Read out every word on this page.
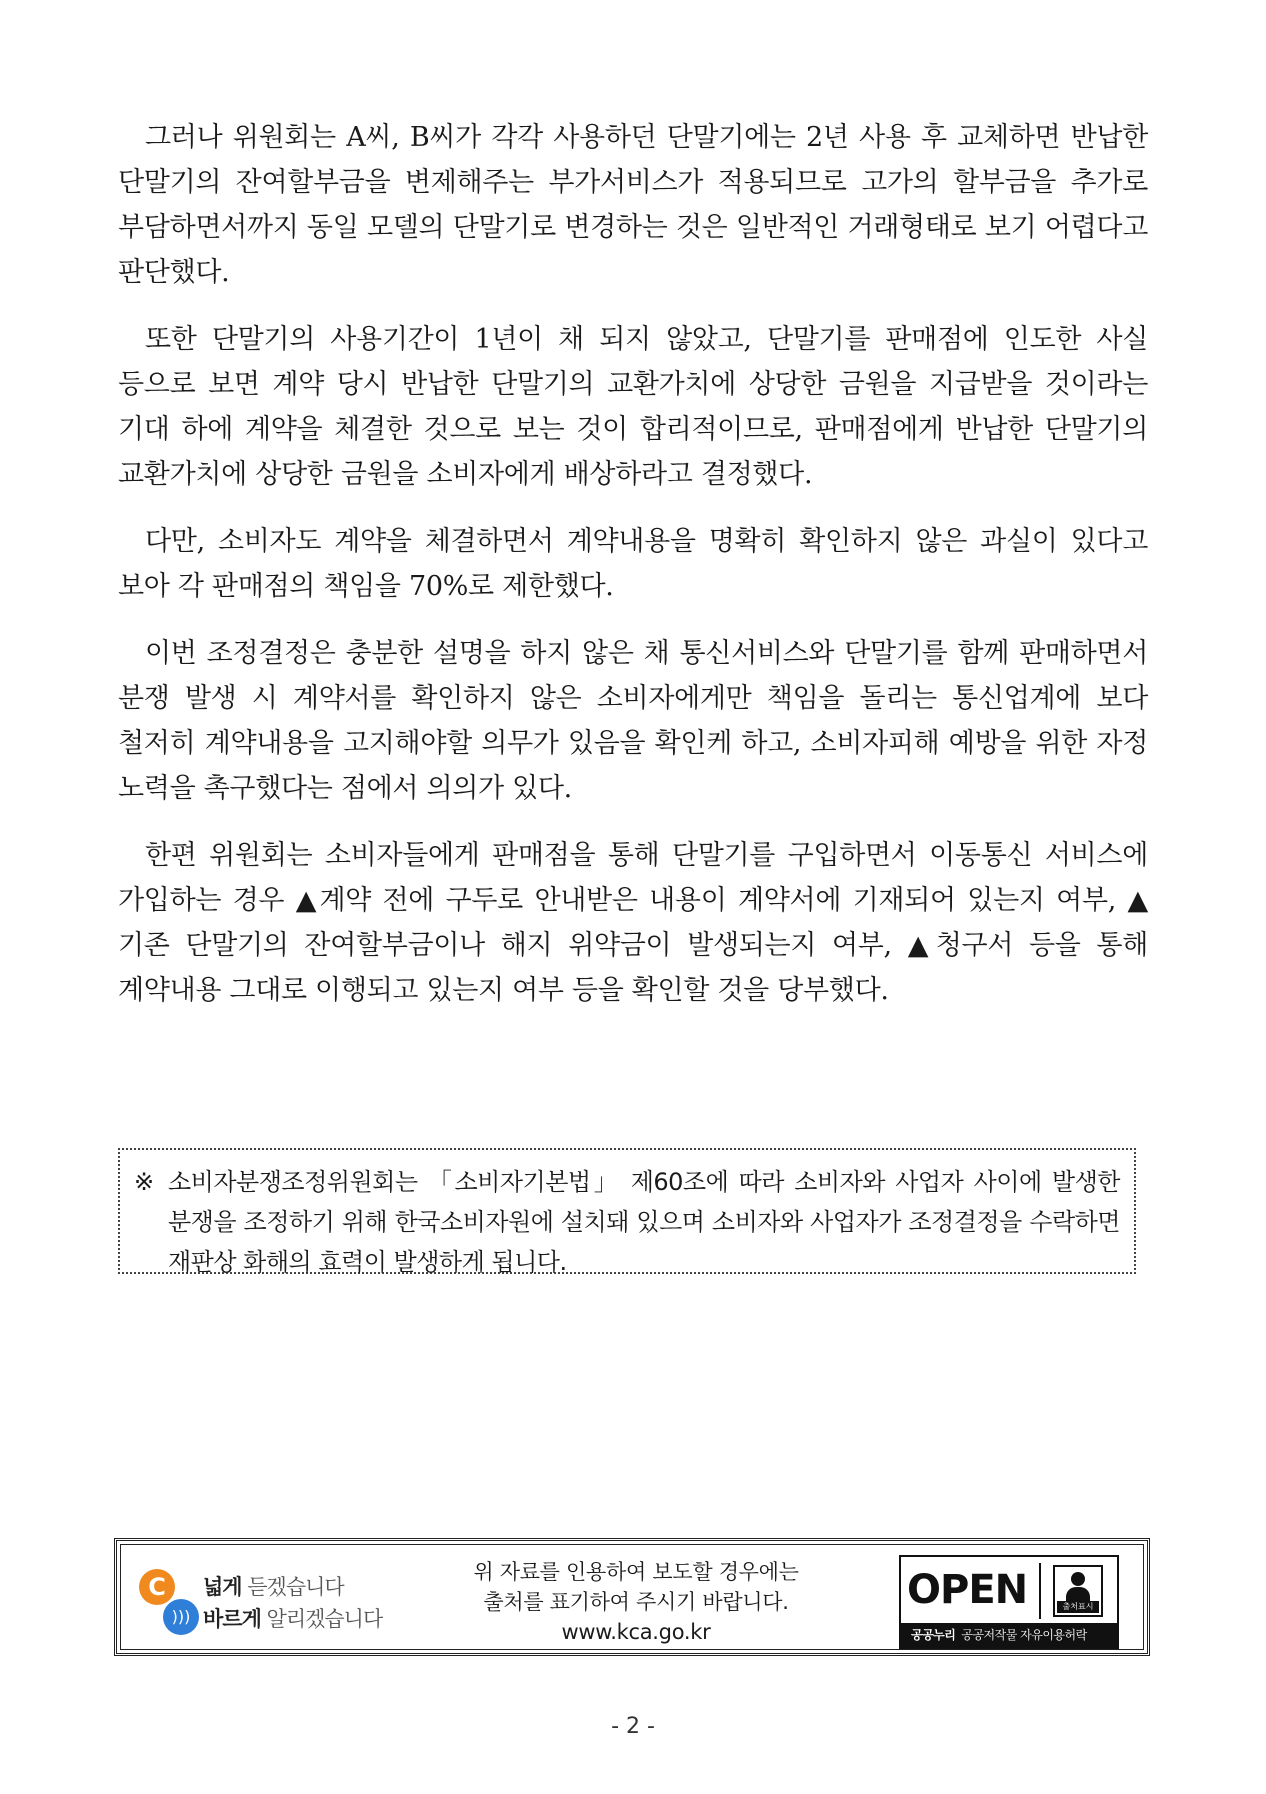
그러나 위원회는 A씨, B씨가 각각 사용하던 단말기에는 2년 사용 후 교체하면 반납한 단말기의 잔여할부금을 변제해주는 부가서비스가 적용되므로 고가의 할부금을 추가로 부담하면서까지 동일 모델의 단말기로 변경하는 것은 일반적인 거래형태로 보기 어렵다고 판단했다.

또한 단말기의 사용기간이 1년이 채 되지 않았고, 단말기를 판매점에 인도한 사실 등으로 보면 계약 당시 반납한 단말기의 교환가치에 상당한 금원을 지급받을 것이라는 기대 하에 계약을 체결한 것으로 보는 것이 합리적이므로, 판매점에게 반납한 단말기의 교환가치에 상당한 금원을 소비자에게 배상하라고 결정했다.

다만, 소비자도 계약을 체결하면서 계약내용을 명확히 확인하지 않은 과실이 있다고 보아 각 판매점의 책임을 70%로 제한했다.

이번 조정결정은 충분한 설명을 하지 않은 채 통신서비스와 단말기를 함께 판매하면서 분쟁 발생 시 계약서를 확인하지 않은 소비자에게만 책임을 돌리는 통신업계에 보다 철저히 계약내용을 고지해야할 의무가 있음을 확인케 하고, 소비자피해 예방을 위한 자정 노력을 촉구했다는 점에서 의의가 있다.

한편 위원회는 소비자들에게 판매점을 통해 단말기를 구입하면서 이동통신 서비스에 가입하는 경우 ▲계약 전에 구두로 안내받은 내용이 계약서에 기재되어 있는지 여부, ▲기존 단말기의 잔여할부금이나 해지 위약금이 발생되는지 여부, ▲청구서 등을 통해 계약내용 그대로 이행되고 있는지 여부 등을 확인할 것을 당부했다.

※ 소비자분쟁조정위원회는 「소비자기본법」 제60조에 따라 소비자와 사업자 사이에 발생한 분쟁을 조정하기 위해 한국소비자원에 설치돼 있으며 소비자와 사업자가 조정결정을 수락하면 재판상 화해의 효력이 발생하게 됩니다.
C
)))
넓게 듣겠습니다
바르게 알리겠습니다
위 자료를 인용하여 보도할 경우에는
출처를 표기하여 주시기 바랍니다.
www.kca.go.kr
OPEN	출처표시
공공누리 공공저작물 자유이용허락
- 2 -
